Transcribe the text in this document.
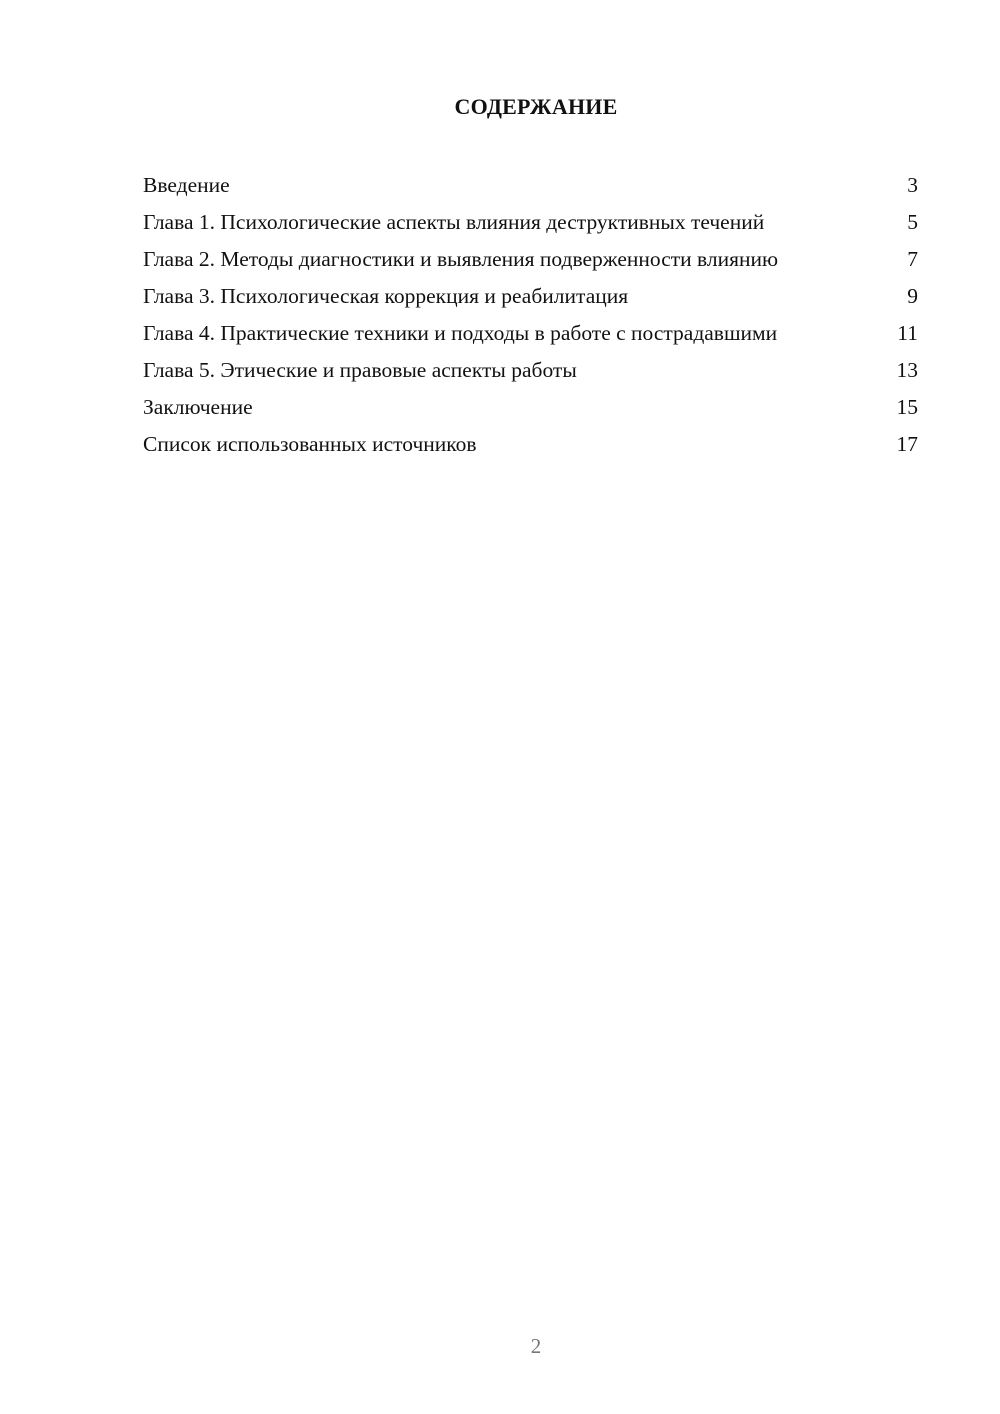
СОДЕРЖАНИЕ
Введение	3
Глава 1. Психологические аспекты влияния деструктивных течений	5
Глава 2. Методы диагностики и выявления подверженности влиянию	7
Глава 3. Психологическая коррекция и реабилитация	9
Глава 4. Практические техники и подходы в работе с пострадавшими	11
Глава 5. Этические и правовые аспекты работы	13
Заключение	15
Список использованных источников	17
2
